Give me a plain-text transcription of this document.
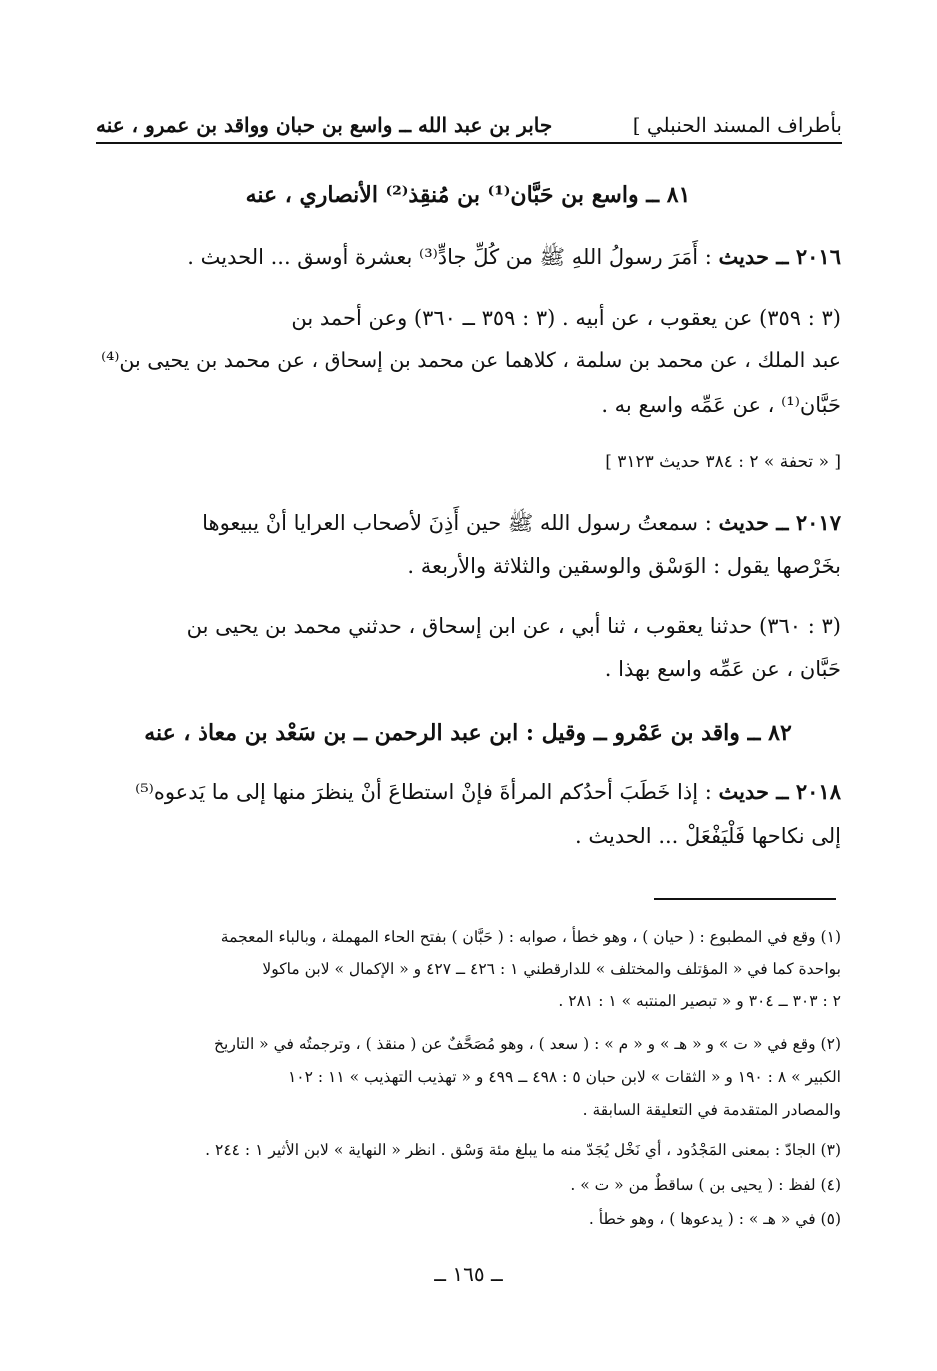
بأطراف المسند الحنبلي ]
جابر بن عبد الله ــ واسع بن حبان وواقد بن عمرو ، عنه
٨١ ــ واسع بن حَبَّان⁽¹⁾ بن مُنقِذ⁽²⁾ الأنصاري ، عنه
٢٠١٦ ــ حديث : أَمَرَ رسولُ اللهِ ﷺ من كُلِّ جادٍّ⁽³⁾ بعشرة أوسق ... الحديث .
(٣ : ٣٥٩) عن يعقوب ، عن أبيه . (٣ : ٣٥٩ ــ ٣٦٠) وعن أحمد بن
عبد الملك ، عن محمد بن سلمة ، كلاهما عن محمد بن إسحاق ، عن محمد بن يحيى بن⁽⁴⁾
حَبَّان⁽¹⁾ ، عن عَمِّه واسع به .
[ « تحفة » ٢ : ٣٨٤ حديث ٣١٢٣ ]
٢٠١٧ ــ حديث : سمعتُ رسول الله ﷺ حين أَذِنَ لأصحاب العرايا أنْ يبيعوها
بخَرْصها يقول : الوَسْق والوسقين والثلاثة والأربعة .
(٣ : ٣٦٠) حدثنا يعقوب ، ثنا أبي ، عن ابن إسحاق ، حدثني محمد بن يحيى بن
حَبَّان ، عن عَمِّه واسع بهذا .
٨٢ ــ واقد بن عَمْرو ــ وقيل : ابن عبد الرحمن ــ بن سَعْد بن معاذ ، عنه
٢٠١٨ ــ حديث : إذا خَطَبَ أحدُكم المرأةَ فإنْ استطاعَ أنْ ينظرَ منها إلى ما يَدعوه⁽⁵⁾
إلى نكاحها فَلْيَفْعَلْ ... الحديث .
(١) وقع في المطبوع : ( حيان ) ، وهو خطأ ، صوابه : ( حَبَّان ) بفتح الحاء المهملة ، وبالباء المعجمة
بواحدة كما في « المؤتلف والمختلف » للدارقطني ١ : ٤٢٦ ــ ٤٢٧ و « الإكمال » لابن ماكولا
٢ : ٣٠٣ ــ ٣٠٤ و « تبصير المنتبه » ١ : ٢٨١ .
(٢) وقع في « ت » و « هـ » و « م » : ( سعد ) ، وهو مُصَحَّفٌ عن ( منقذ ) ، وترجمتُه في « التاريخ
الكبير » ٨ : ١٩٠ و « الثقات » لابن حبان ٥ : ٤٩٨ ــ ٤٩٩ و « تهذيب التهذيب » ١١ : ١٠٢
والمصادر المتقدمة في التعليقة السابقة .
(٣) الجادّ : بمعنى المَجْدُود ، أي نَخْل يُجَدّ منه ما يبلغ مئة وَسْق . انظر « النهاية » لابن الأثير ١ : ٢٤٤ .
(٤) لفظ : ( يحيى بن ) ساقطٌ من « ت » .
(٥) في « هـ » : ( يدعوها ) ، وهو خطأ .
ــ ١٦٥ ــ
